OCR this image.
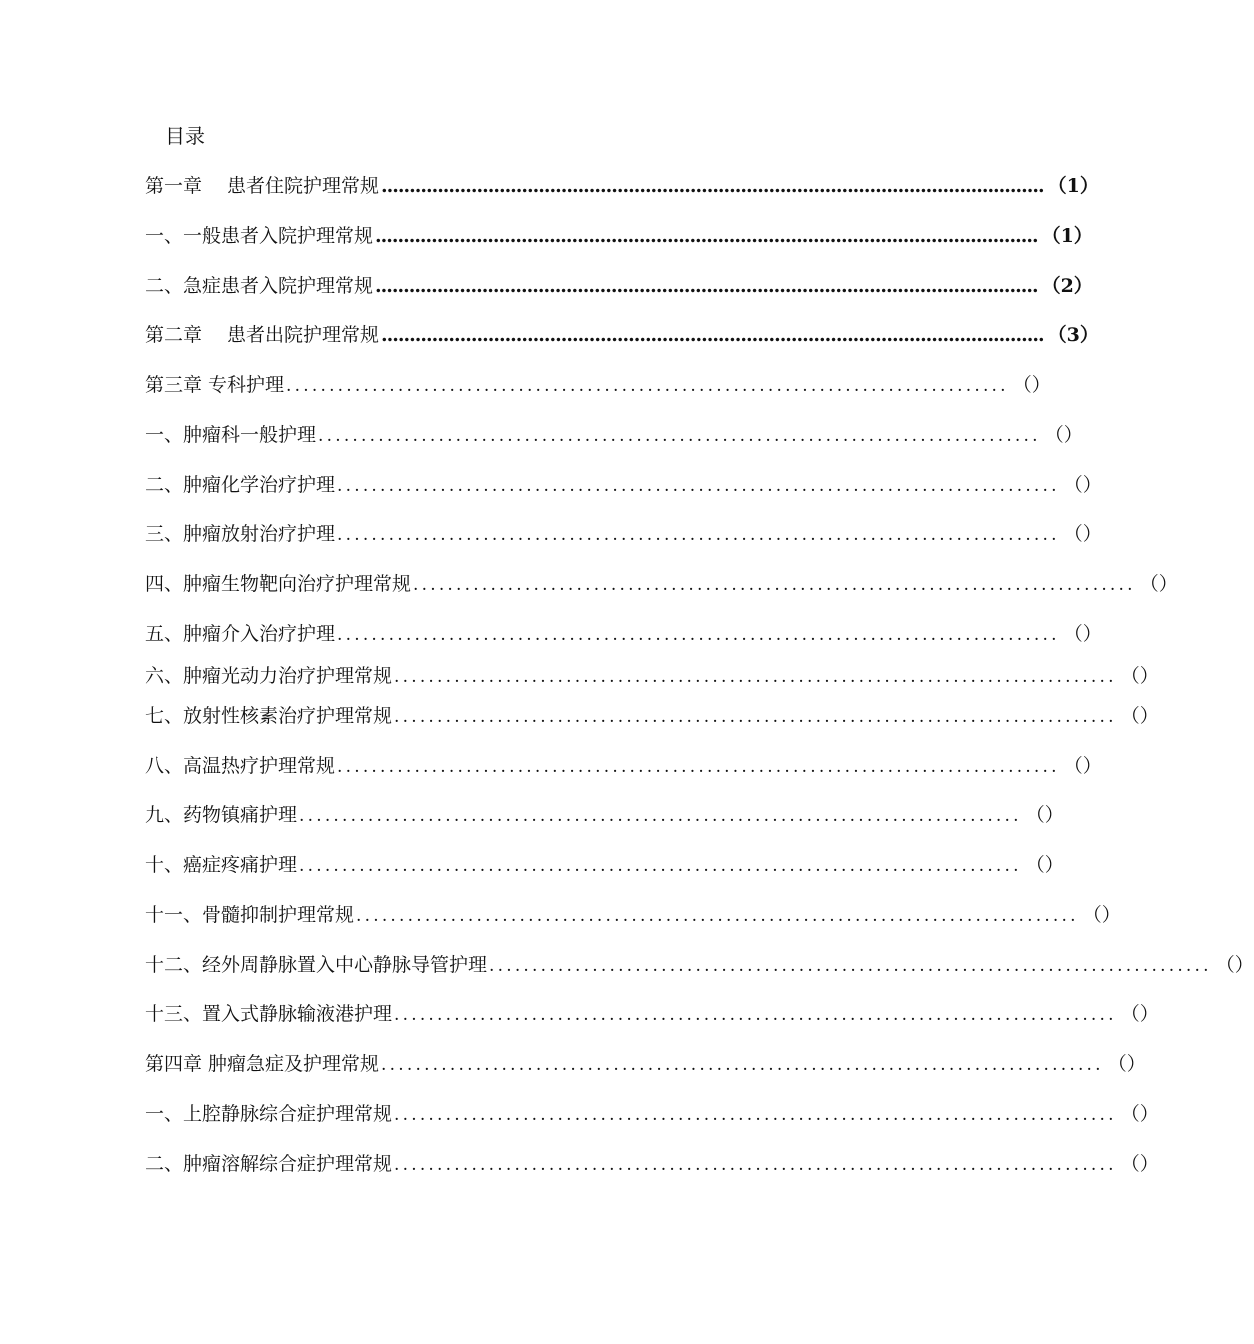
目录
第一章　 患者住院护理常规 ...................................................................................................................... （1）
一、一般患者入院护理常规 ...................................................................................................................... （1）
二、急症患者入院护理常规 ...................................................................................................................... （2）
第二章　 患者出院护理常规 ...................................................................................................................... （3）
第三章 专科护理 .................................................................................... （）
一、肿瘤科一般护理 .................................................................................... （）
二、肿瘤化学治疗护理 .................................................................................... （）
三、肿瘤放射治疗护理 .................................................................................... （）
四、肿瘤生物靶向治疗护理常规 .................................................................................... （）
五、肿瘤介入治疗护理 .................................................................................... （）
六、肿瘤光动力治疗护理常规 .................................................................................... （）
七、放射性核素治疗护理常规 .................................................................................... （）
八、高温热疗护理常规 .................................................................................... （）
九、药物镇痛护理 .................................................................................... （）
十、癌症疼痛护理 .................................................................................... （）
十一、骨髓抑制护理常规 .................................................................................... （）
十二、经外周静脉置入中心静脉导管护理 .................................................................................... （）
十三、置入式静脉输液港护理 .................................................................................... （）
第四章 肿瘤急症及护理常规 .................................................................................... （）
一、上腔静脉综合症护理常规 .................................................................................... （）
二、肿瘤溶解综合症护理常规 .................................................................................... （）
